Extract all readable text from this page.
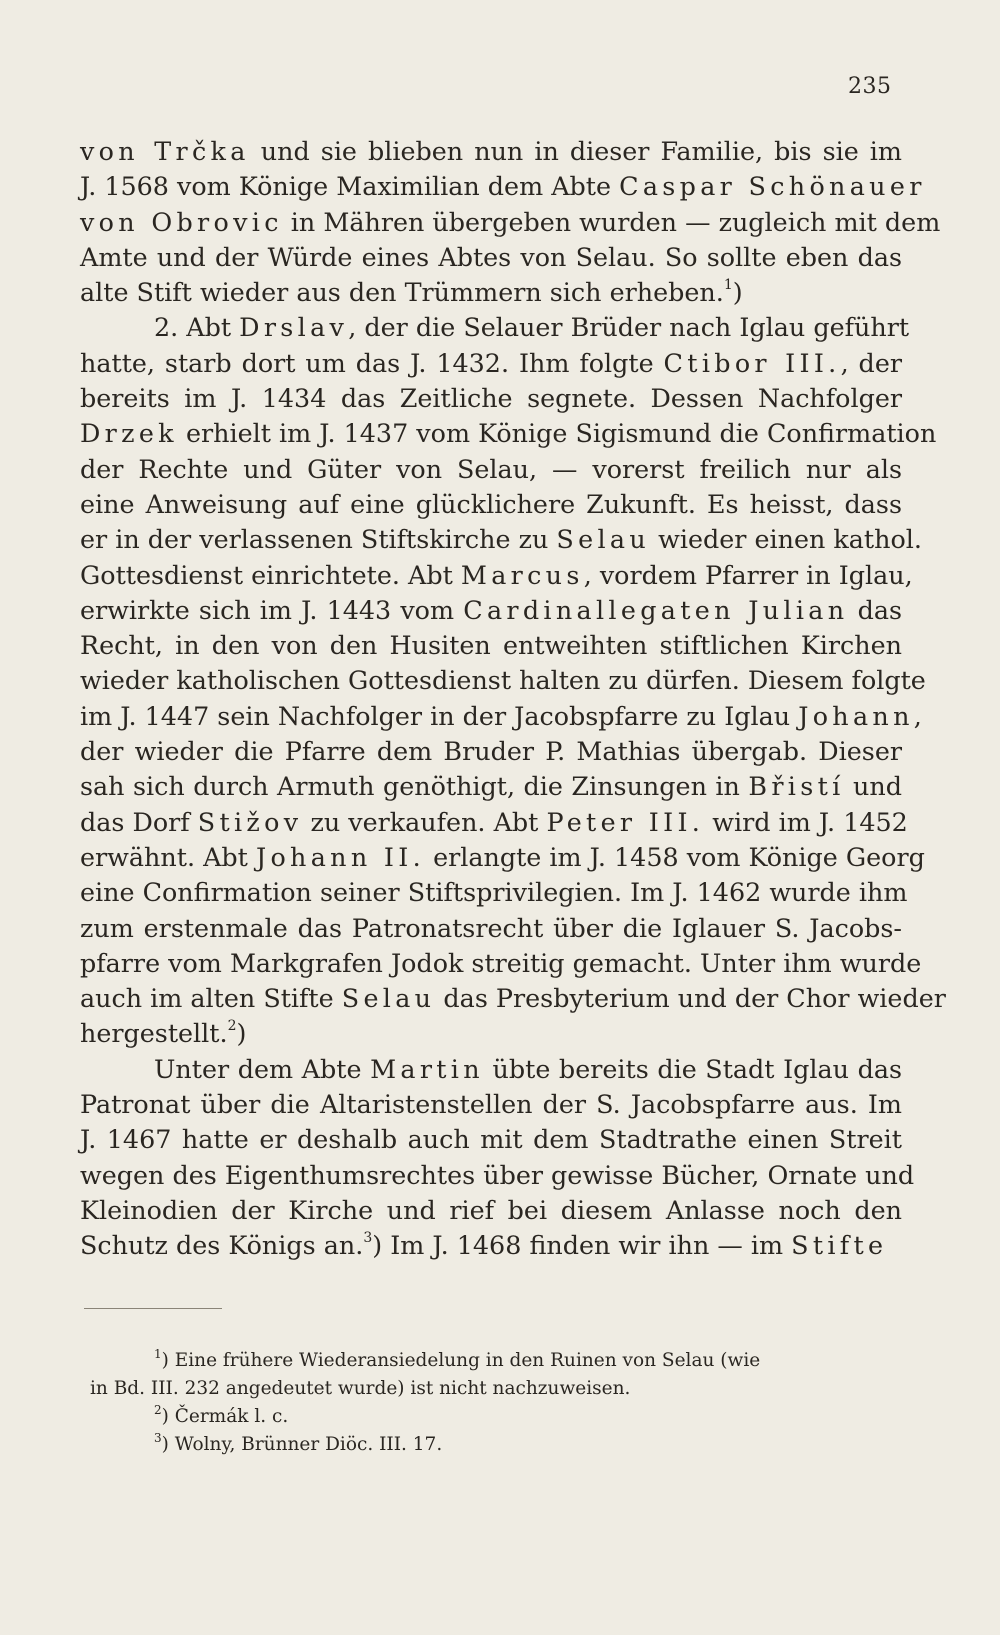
235
von Trčka und sie blieben nun in dieser Familie, bis sie im
J. 1568 vom Könige Maximilian dem Abte Caspar Schönauer
von Obrovic in Mähren übergeben wurden — zugleich mit dem
Amte und der Würde eines Abtes von Selau. So sollte eben das
alte Stift wieder aus den Trümmern sich erheben.$^1$)
2. Abt Drslav, der die Selauer Brüder nach Iglau geführt
hatte, starb dort um das J. 1432. Ihm folgte Ctibor III., der
bereits im J. 1434 das Zeitliche segnete. Dessen Nachfolger
Drzek erhielt im J. 1437 vom Könige Sigismund die Confirmation
der Rechte und Güter von Selau, — vorerst freilich nur als
eine Anweisung auf eine glücklichere Zukunft. Es heisst, dass
er in der verlassenen Stiftskirche zu Selau wieder einen kathol.
Gottesdienst einrichtete. Abt Marcus, vordem Pfarrer in Iglau,
erwirkte sich im J. 1443 vom Cardinallegaten Julian das
Recht, in den von den Husiten entweihten stiftlichen Kirchen
wieder katholischen Gottesdienst halten zu dürfen. Diesem folgte
im J. 1447 sein Nachfolger in der Jacobspfarre zu Iglau Johann,
der wieder die Pfarre dem Bruder P. Mathias übergab. Dieser
sah sich durch Armuth genöthigt, die Zinsungen in Břistí und
das Dorf Stižov zu verkaufen. Abt Peter III. wird im J. 1452
erwähnt. Abt Johann II. erlangte im J. 1458 vom Könige Georg
eine Confirmation seiner Stiftsprivilegien. Im J. 1462 wurde ihm
zum erstenmale das Patronatsrecht über die Iglauer S. Jacobs-
pfarre vom Markgrafen Jodok streitig gemacht. Unter ihm wurde
auch im alten Stifte Selau das Presbyterium und der Chor wieder
hergestellt.$^2$)
Unter dem Abte Martin übte bereits die Stadt Iglau das
Patronat über die Altaristenstellen der S. Jacobspfarre aus. Im
J. 1467 hatte er deshalb auch mit dem Stadtrathe einen Streit
wegen des Eigenthumsrechtes über gewisse Bücher, Ornate und
Kleinodien der Kirche und rief bei diesem Anlasse noch den
Schutz des Königs an.$^3$) Im J. 1468 finden wir ihn — im Stifte
$^1$) Eine frühere Wiederansiedelung in den Ruinen von Selau (wie
in Bd. III. 232 angedeutet wurde) ist nicht nachzuweisen.
$^2$) Čermák l. c.
$^3$) Wolny, Brünner Diöc. III. 17.
